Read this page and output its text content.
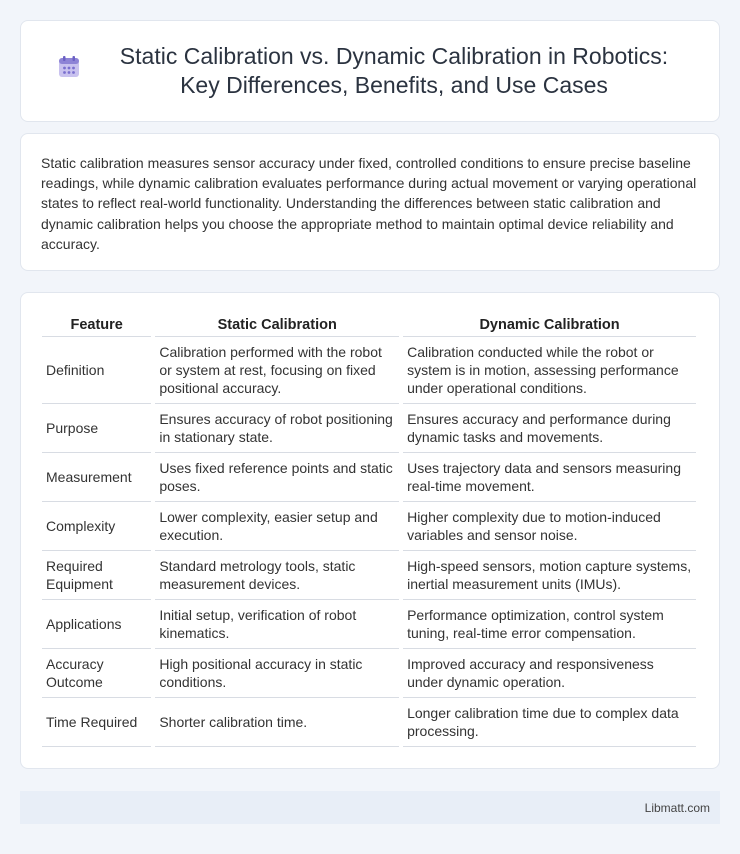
Static Calibration vs. Dynamic Calibration in Robotics: Key Differences, Benefits, and Use Cases

Static calibration measures sensor accuracy under fixed, controlled conditions to ensure precise baseline readings, while dynamic calibration evaluates performance during actual movement or varying operational states to reflect real-world functionality. Understanding the differences between static calibration and dynamic calibration helps you choose the appropriate method to maintain optimal device reliability and accuracy.

Feature	Static Calibration	Dynamic Calibration
Definition	Calibration performed with the robot or system at rest, focusing on fixed positional accuracy.	Calibration conducted while the robot or system is in motion, assessing performance under operational conditions.
Purpose	Ensures accuracy of robot positioning in stationary state.	Ensures accuracy and performance during dynamic tasks and movements.
Measurement	Uses fixed reference points and static poses.	Uses trajectory data and sensors measuring real-time movement.
Complexity	Lower complexity, easier setup and execution.	Higher complexity due to motion-induced variables and sensor noise.
Required Equipment	Standard metrology tools, static measurement devices.	High-speed sensors, motion capture systems, inertial measurement units (IMUs).
Applications	Initial setup, verification of robot kinematics.	Performance optimization, control system tuning, real-time error compensation.
Accuracy Outcome	High positional accuracy in static conditions.	Improved accuracy and responsiveness under dynamic operation.
Time Required	Shorter calibration time.	Longer calibration time due to complex data processing.
Libmatt.com
